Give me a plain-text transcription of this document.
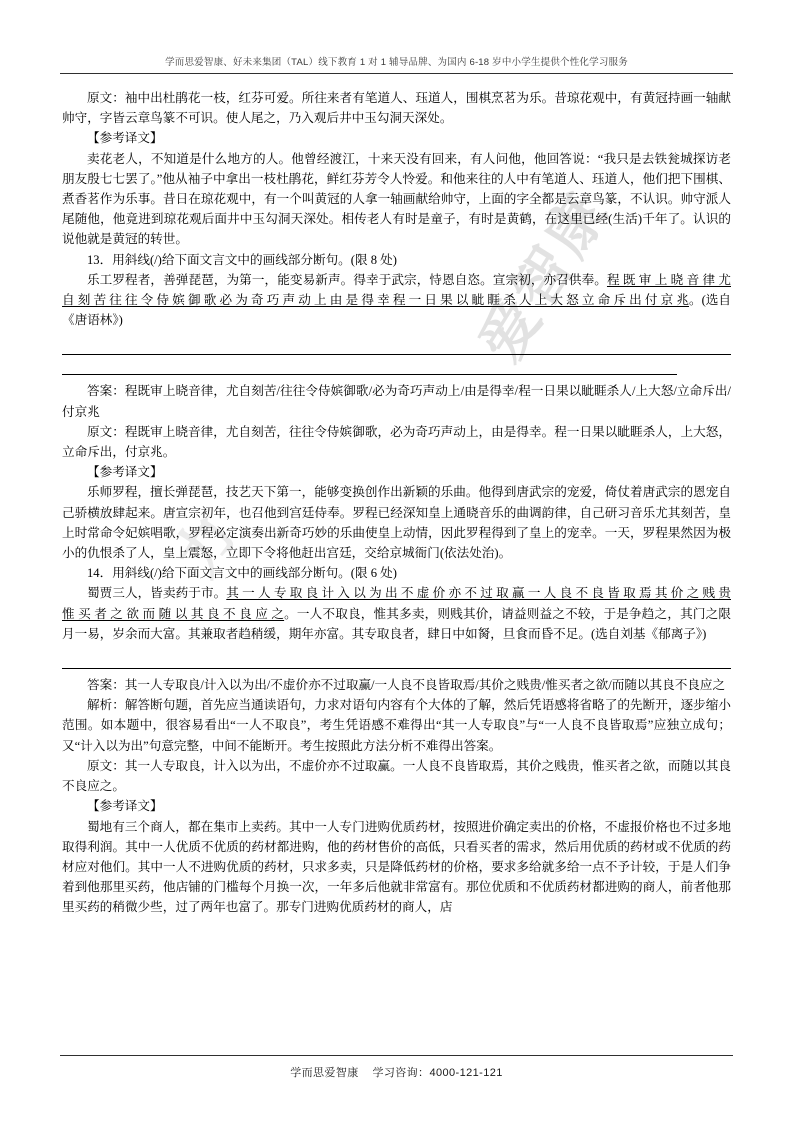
学而思爱智康、好未来集团（TAL）线下教育 1 对 1 辅导品牌、为国内 6-18 岁中小学生提供个性化学习服务
爱智康
力

原文：袖中出杜鹃花一枝，红芬可爱。所往来者有笔道人、珏道人，围棋烹茗为乐。昔琼花观中，有黄冠持画一轴献帅守，字皆云章鸟篆不可识。使人尾之，乃入观后井中玉勾洞天深处。

【参考译文】

卖花老人，不知道是什么地方的人。他曾经渡江，十来天没有回来，有人问他，他回答说：“我只是去铁瓮城探访老朋友殷七七罢了。”他从袖子中拿出一枝杜鹃花，鲜红芬芳令人怜爱。和他来往的人中有笔道人、珏道人，他们把下围棋、煮香茗作为乐事。昔日在琼花观中，有一个叫黄冠的人拿一轴画献给帅守，上面的字全都是云章鸟篆，不认识。帅守派人尾随他，他竟进到琼花观后面井中玉勾洞天深处。相传老人有时是童子，有时是黄鹤，在这里已经(生活)千年了。认识的说他就是黄冠的转世。

13．用斜线(/)给下面文言文中的画线部分断句。(限 8 处)

乐工罗程者，善弹琵琶，为第一，能变易新声。得幸于武宗，恃恩自恣。宣宗初，亦召供奉。程 既 审 上 晓 音 律 尤 自 刻 苦 往 往 令 侍 嫔 御 歌 必 为 奇 巧 声 动 上 由 是 得 幸 程 一 日 果 以 眦 睚 杀 人 上 大 怒 立 命 斥 出 付 京 兆。(选自《唐语林》)

答案：程既审上晓音律，尤自刻苦/往往令侍嫔御歌/必为奇巧声动上/由是得幸/程一日果以眦睚杀人/上大怒/立命斥出/付京兆

原文：程既审上晓音律，尤自刻苦，往往令侍嫔御歌，必为奇巧声动上，由是得幸。程一日果以眦睚杀人，上大怒，立命斥出，付京兆。

【参考译文】

乐师罗程，擅长弹琵琶，技艺天下第一，能够变换创作出新颖的乐曲。他得到唐武宗的宠爱，倚仗着唐武宗的恩宠自己骄横放肆起来。唐宣宗初年，也召他到宫廷侍奉。罗程已经深知皇上通晓音乐的曲调韵律，自己研习音乐尤其刻苦，皇上时常命令妃嫔唱歌，罗程必定演奏出新奇巧妙的乐曲使皇上动情，因此罗程得到了皇上的宠幸。一天，罗程果然因为极小的仇恨杀了人，皇上震怒，立即下令将他赶出宫廷，交给京城衙门(依法处治)。

14．用斜线(/)给下面文言文中的画线部分断句。(限 6 处)

蜀贾三人，皆卖药于市。其 一 人 专 取 良 计 入 以 为 出 不 虚 价 亦 不 过 取 赢 一 人 良 不 良 皆 取 焉 其 价 之 贱 贵 惟 买 者 之 欲 而 随 以 其 良 不 良 应 之。一人不取良，惟其多卖，则贱其价，请益则益之不较，于是争趋之，其门之限月一易，岁余而大富。其兼取者趋稍缓，期年亦富。其专取良者，肆日中如胬，旦食而昏不足。(选自刘基《郁离子》)

答案：其一人专取良/计入以为出/不虚价亦不过取赢/一人良不良皆取焉/其价之贱贵/惟买者之欲/而随以其良不良应之

解析：解答断句题，首先应当通读语句，力求对语句内容有个大体的了解，然后凭语感将省略了的先断开，逐步缩小范围。如本题中，很容易看出“一人不取良”，考生凭语感不难得出“其一人专取良”与“一人良不良皆取焉”应独立成句；又“计入以为出”句意完整，中间不能断开。考生按照此方法分析不难得出答案。

原文：其一人专取良，计入以为出，不虚价亦不过取赢。一人良不良皆取焉，其价之贱贵，惟买者之欲，而随以其良不良应之。

【参考译文】

蜀地有三个商人，都在集市上卖药。其中一人专门进购优质药材，按照进价确定卖出的价格，不虚报价格也不过多地取得利润。其中一人优质不优质的药材都进购，他的药材售价的高低，只看买者的需求，然后用优质的药材或不优质的药材应对他们。其中一人不进购优质的药材，只求多卖，只是降低药材的价格，要求多给就多给一点不予计较，于是人们争着到他那里买药，他店铺的门槛每个月换一次，一年多后他就非常富有。那位优质和不优质药材都进购的商人，前者他那里买药的稍微少些，过了两年也富了。那专门进购优质药材的商人，店

学而思爱智康 学习咨询：4000-121-121
